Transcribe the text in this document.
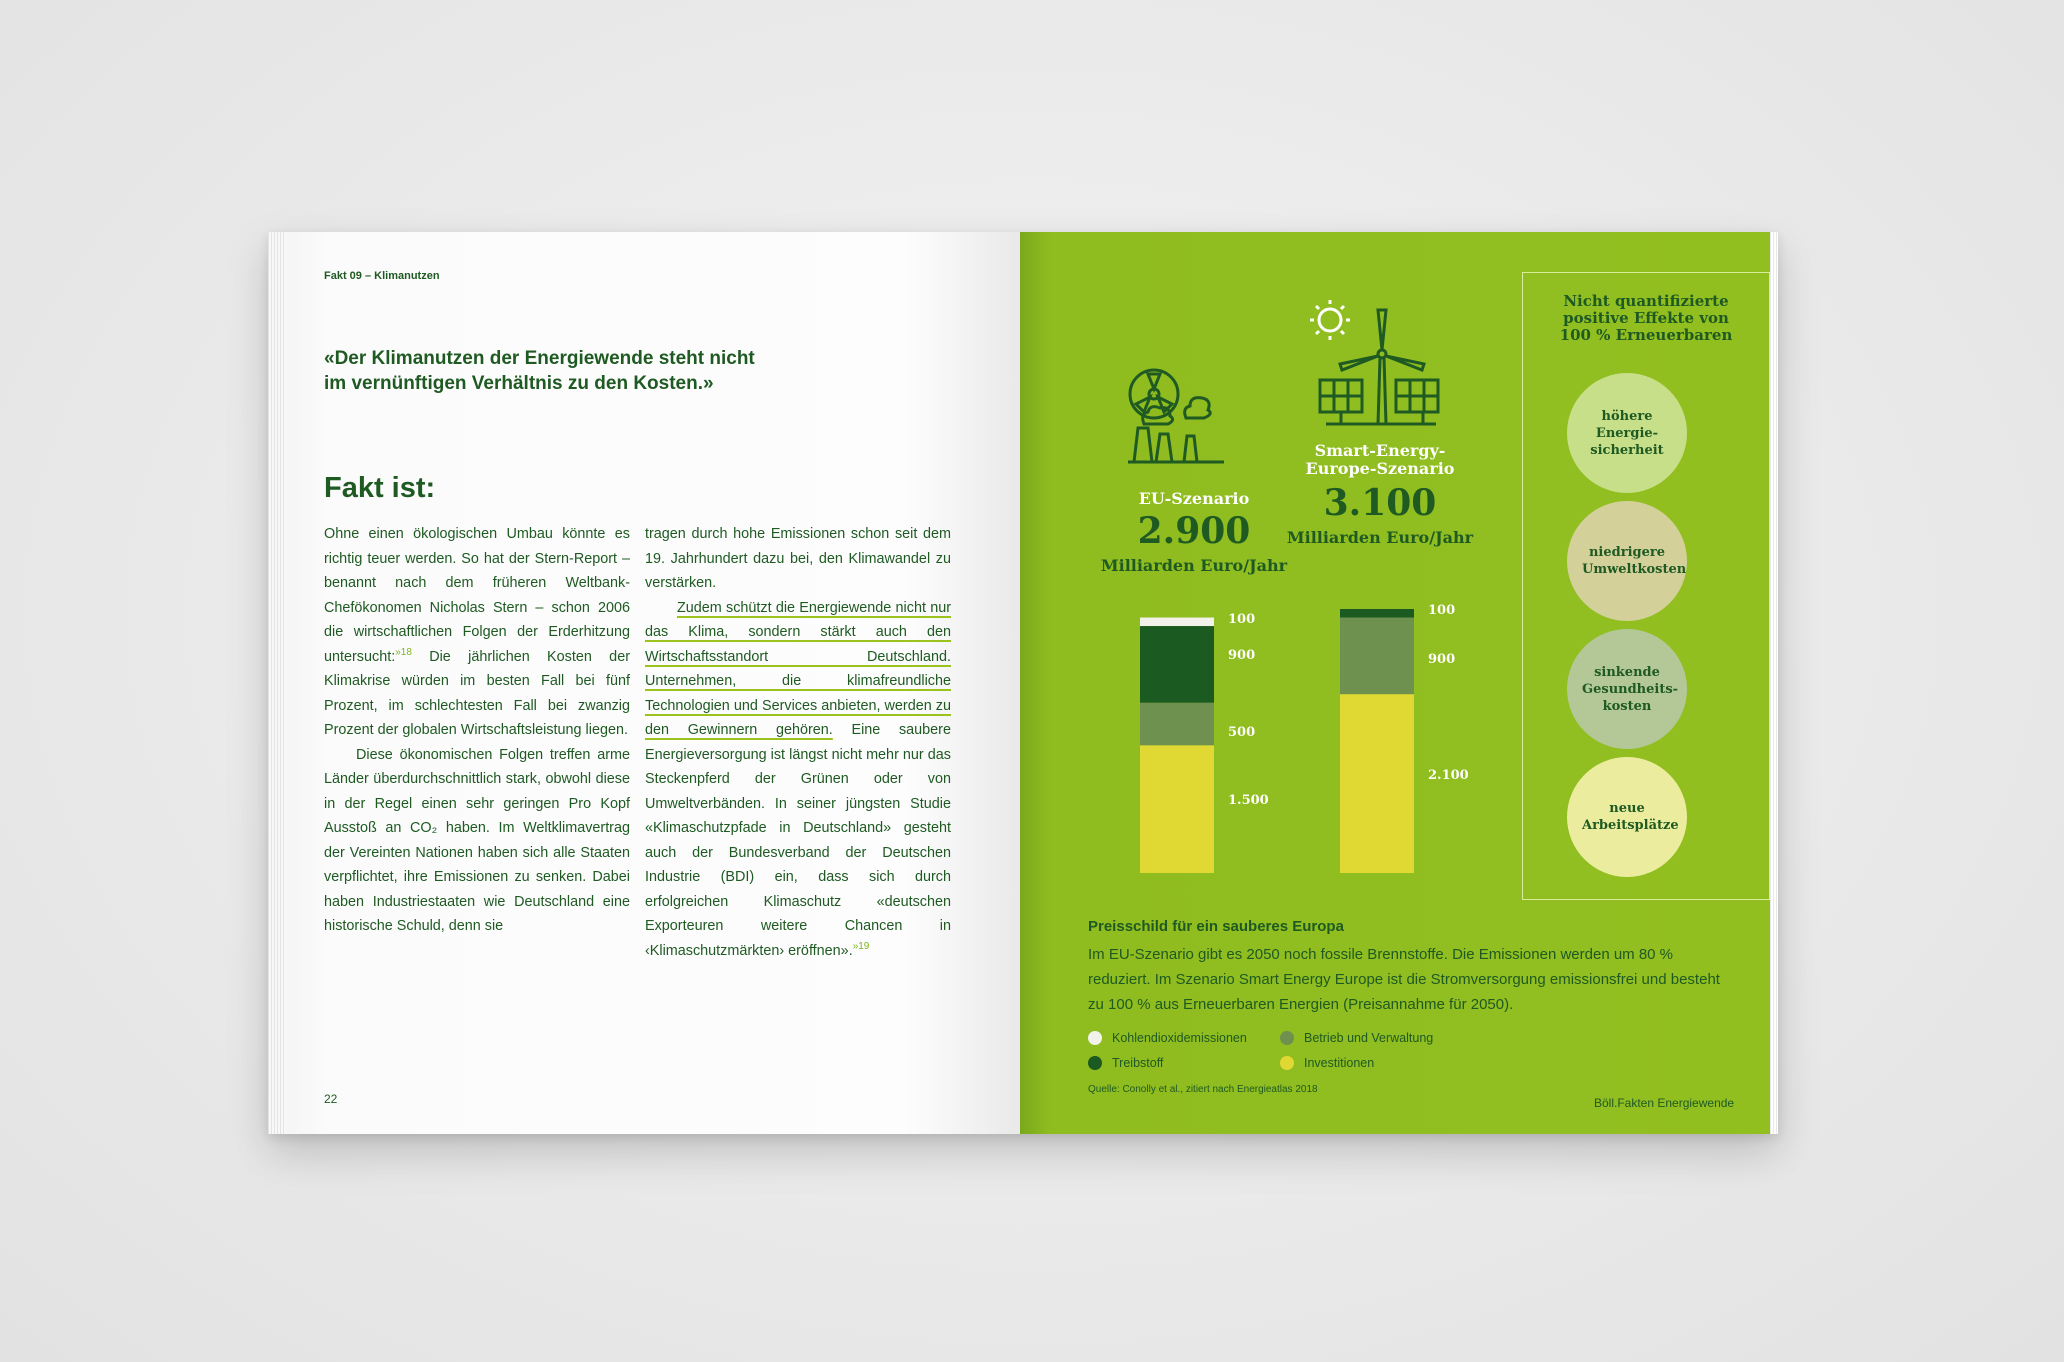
Fakt 09 – Klimanutzen
«Der Klimanutzen der Energiewende steht nicht
im vernünftigen Verhältnis zu den Kosten.»
Fakt ist:

Ohne einen ökologischen Umbau könnte es richtig teuer werden. So hat der Stern-Report – benannt nach dem früheren Weltbank-Chefökonomen Nicholas Stern – schon 2006 die wirtschaftlichen Folgen der Erderhitzung untersucht:$^{»18}$ Die jährlichen Kosten der Klimakrise würden im besten Fall bei fünf Prozent, im schlechtesten Fall bei zwanzig Prozent der globalen Wirtschaftsleistung liegen.

Diese ökonomischen Folgen treffen arme Länder überdurchschnittlich stark, obwohl diese in der Regel einen sehr geringen Pro Kopf Ausstoß an CO₂ haben. Im Weltklimavertrag der Vereinten Nationen haben sich alle Staaten verpflichtet, ihre Emissionen zu senken. Dabei haben Industriestaaten wie Deutschland eine historische Schuld, denn sie

tragen durch hohe Emissionen schon seit dem 19. Jahrhundert dazu bei, den Klimawandel zu verstärken.

Zudem schützt die Energiewende nicht nur das Klima, sondern stärkt auch den Wirtschaftsstandort Deutschland. Unternehmen, die klimafreundliche Technologien und Services anbieten, werden zu den Gewinnern gehören. Eine saubere Energieversorgung ist längst nicht mehr nur das Steckenpferd der Grünen oder von Umweltverbänden. In seiner jüngsten Studie «Klimaschutzpfade in Deutschland» gesteht auch der Bundesverband der Deutschen Industrie (BDI) ein, dass sich durch erfolgreichen Klimaschutz «deutschen Exporteuren weitere Chancen in ‹Klimaschutzmärkten› eröffnen».$^{»19}$

22
EU-Szenario
2.900
Milliarden Euro/Jahr
Smart-Energy-
Europe-Szenario
3.100
Milliarden Euro/Jahr
1.500
500
900
100
2.100
900
100
Nicht quantifizierte
positive Effekte von
100 % Erneuerbaren
höhere Energie-sicherheit
niedrigere Umweltkosten
sinkende Gesundheits-kosten
neue Arbeitsplätze
Preisschild für ein sauberes Europa
Im EU-Szenario gibt es 2050 noch fossile Brennstoffe. Die Emissionen werden um 80 % reduziert. Im Szenario Smart Energy Europe ist die Stromversorgung emissionsfrei und besteht zu 100 % aus Erneuerbaren Energien (Preisannahme für 2050).
Kohlendioxidemissionen	Betrieb und Verwaltung
Treibstoff	Investitionen
Quelle: Conolly et al., zitiert nach Energieatlas 2018
Böll.Fakten Energiewende
